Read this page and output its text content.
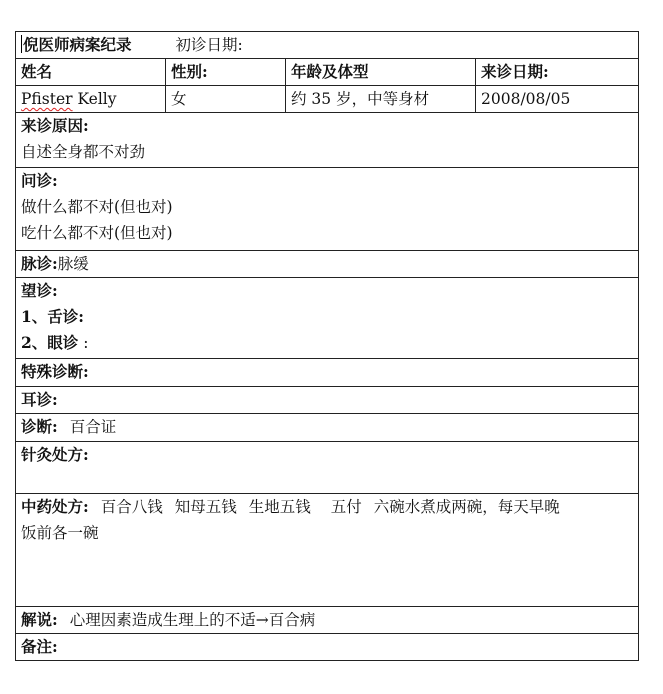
倪医师病案纪录 初诊日期:			
姓名	性别:	年龄及体型	来诊日期:
Pfister Kelly	女	约 35 岁，中等身材	2008/08/05

来诊原因:
自述全身都不对劲			

问诊:
做什么都不对(但也对)
吃什么都不对(但也对)			

脉诊:脉缓			

望诊:
1、舌诊:
2、眼诊 :			

特殊诊断:			
耳诊:			
诊断: 百合证			
针灸处方:			

中药处方: 百合八钱 知母五钱 生地五钱 五付 六碗水煮成两碗，每天早晚
饭前各一碗			

解说: 心理因素造成生理上的不适→百合病			
备注:			
